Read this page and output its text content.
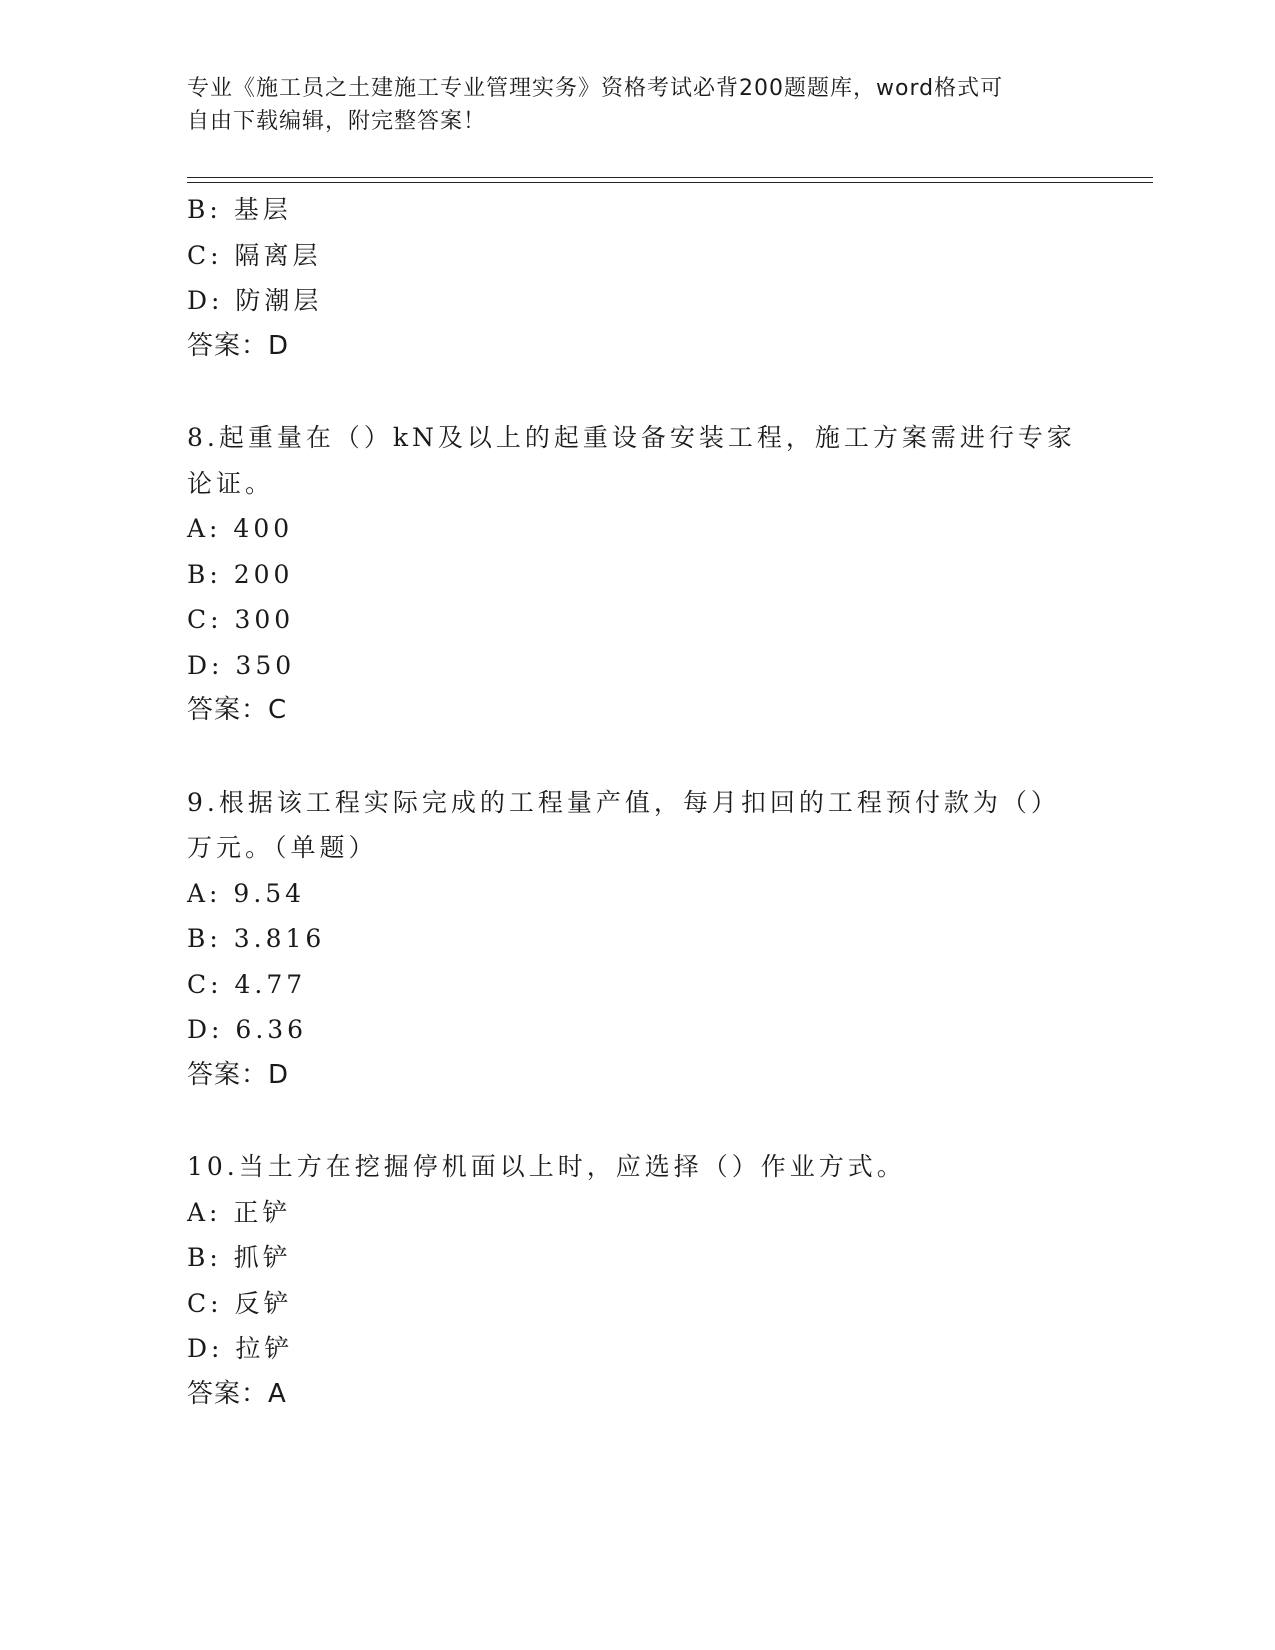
专业《施工员之土建施工专业管理实务》资格考试必背200题题库，word格式可
自由下载编辑，附完整答案！
B: 基层
C: 隔离层
D: 防潮层
答案：D
8.起重量在（）kN及以上的起重设备安装工程，施工方案需进行专家
论证。
A: 400
B: 200
C: 300
D: 350
答案：C
9.根据该工程实际完成的工程量产值，每月扣回的工程预付款为（）
万元。（单题）
A: 9.54
B: 3.816
C: 4.77
D: 6.36
答案：D
10.当土方在挖掘停机面以上时，应选择（）作业方式。
A: 正铲
B: 抓铲
C: 反铲
D: 拉铲
答案：A
